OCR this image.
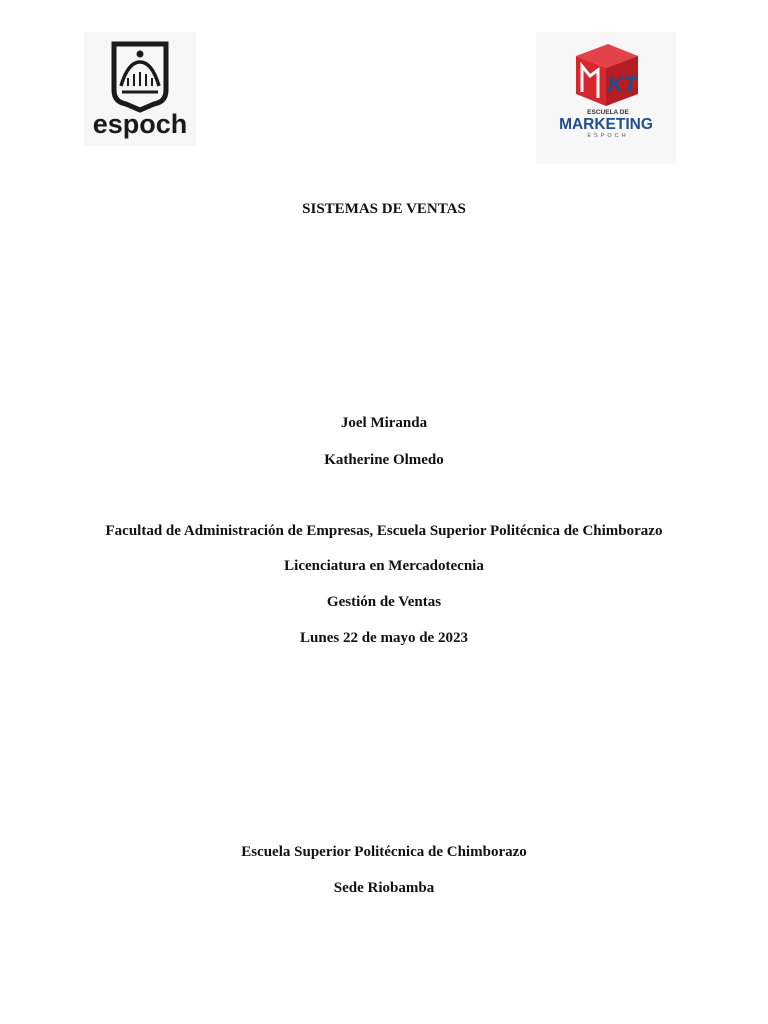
espoch
KT
ESCUELA DE
MARKETING
ESPOCH
SISTEMAS DE VENTAS
Joel Miranda
Katherine Olmedo
Facultad de Administración de Empresas, Escuela Superior Politécnica de Chimborazo
Licenciatura en Mercadotecnia
Gestión de Ventas
Lunes 22 de mayo de 2023
Escuela Superior Politécnica de Chimborazo
Sede Riobamba
